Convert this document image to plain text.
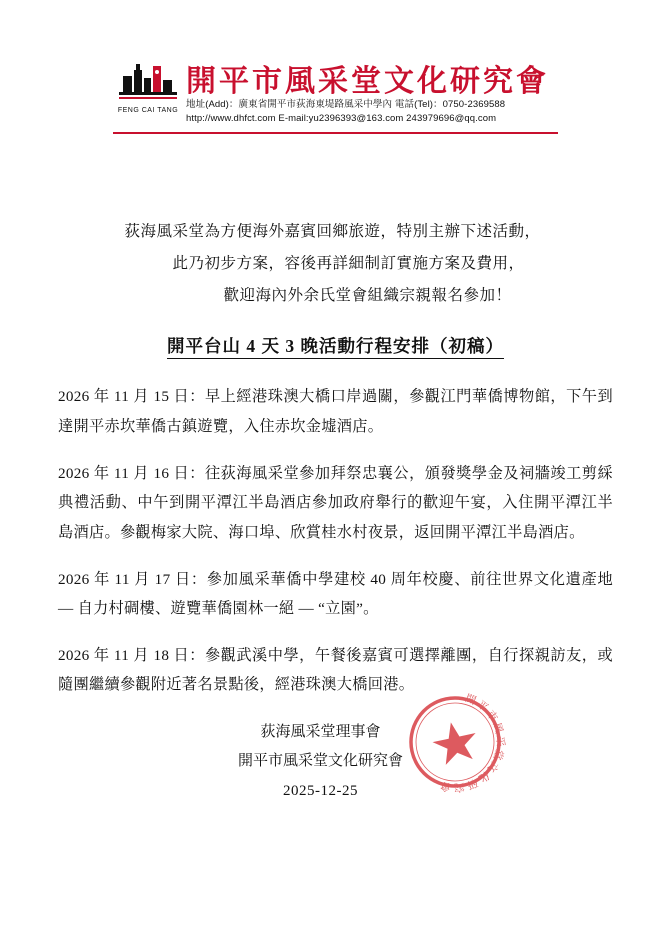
FENG CAI TANG
開平市風采堂文化研究會
地址(Add)：廣東省開平市荻海東堤路風采中學內 電話(Tel)：0750-2369588
http://www.dhfct.com E-mail:yu2396393@163.com 243979696@qq.com
荻海風采堂為方便海外嘉賓回鄉旅遊，特別主辦下述活動，
此乃初步方案，容後再詳細制訂實施方案及費用，
歡迎海內外余氏堂會組織宗親報名參加！
開平台山 4 天 3 晚活動行程安排（初稿）

2026 年 11 月 15 日：早上經港珠澳大橋口岸過關，參觀江門華僑博物館，下午到達開平赤坎華僑古鎮遊覽，入住赤坎金墟酒店。

2026 年 11 月 16 日：往荻海風采堂參加拜祭忠襄公，頒發獎學金及祠牆竣工剪綵典禮活動、中午到開平潭江半島酒店參加政府舉行的歡迎午宴，入住開平潭江半島酒店。參觀梅家大院、海口埠、欣賞桂水村夜景，返回開平潭江半島酒店。

2026 年 11 月 17 日：參加風采華僑中學建校 40 周年校慶、前往世界文化遺產地 — 自力村碉樓、遊覽華僑園林一絕 — “立園”。

2026 年 11 月 18 日：參觀武溪中學，午餐後嘉賓可選擇離團，自行探親訪友，或隨團繼續參觀附近著名景點後，經港珠澳大橋回港。

開平市風采堂文化研究會
荻海風采堂理事會
開平市風采堂文化研究會
2025-12-25
